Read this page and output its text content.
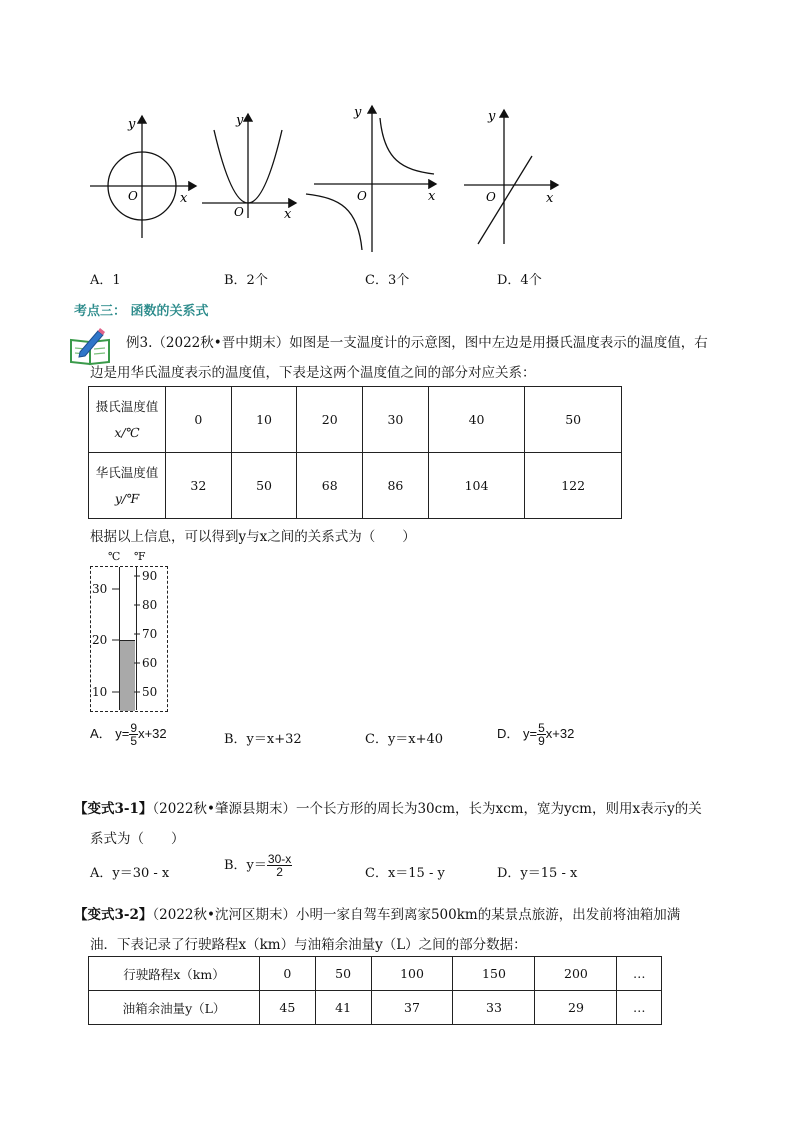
y
x
O
y
x
O
y
x
O
y
x
O
A．1	B．2个	C．3个	D．4个
考点三： 函数的关系式
例3.（2022秋•晋中期末）如图是一支温度计的示意图，图中左边是用摄氏温度表示的温度值，右
边是用华氏温度表示的温度值，下表是这两个温度值之间的部分对应关系：
摄氏温度值
x/℃	0	10	20	30	40	50

华氏温度值
y/℉	32	50	68	86	104	122
根据以上信息，可以得到y与x之间的关系式为（　　）
℃ ℉
30
20
10
90
80
70
60
50
A． $y= \frac{9}{5} x+32$	B．y＝x+32	C．y＝x+40	D． $y= \frac{5}{9} x+32$
【变式3-1】（2022秋•肇源县期末）一个长方形的周长为30cm，长为xcm，宽为ycm，则用x表示y的关
系式为（　　）
A．y＝30 - x
B．$y= \frac{30-x}{2}$	C．x＝15 - y	D．y＝15 - x
【变式3-2】（2022秋•沈河区期末）小明一家自驾车到离家500km的某景点旅游，出发前将油箱加满
油．下表记录了行驶路程x（km）与油箱余油量y（L）之间的部分数据：
行驶路程x（km）	0	50	100	150	200	…
油箱余油量y（L）	45	41	37	33	29	…
